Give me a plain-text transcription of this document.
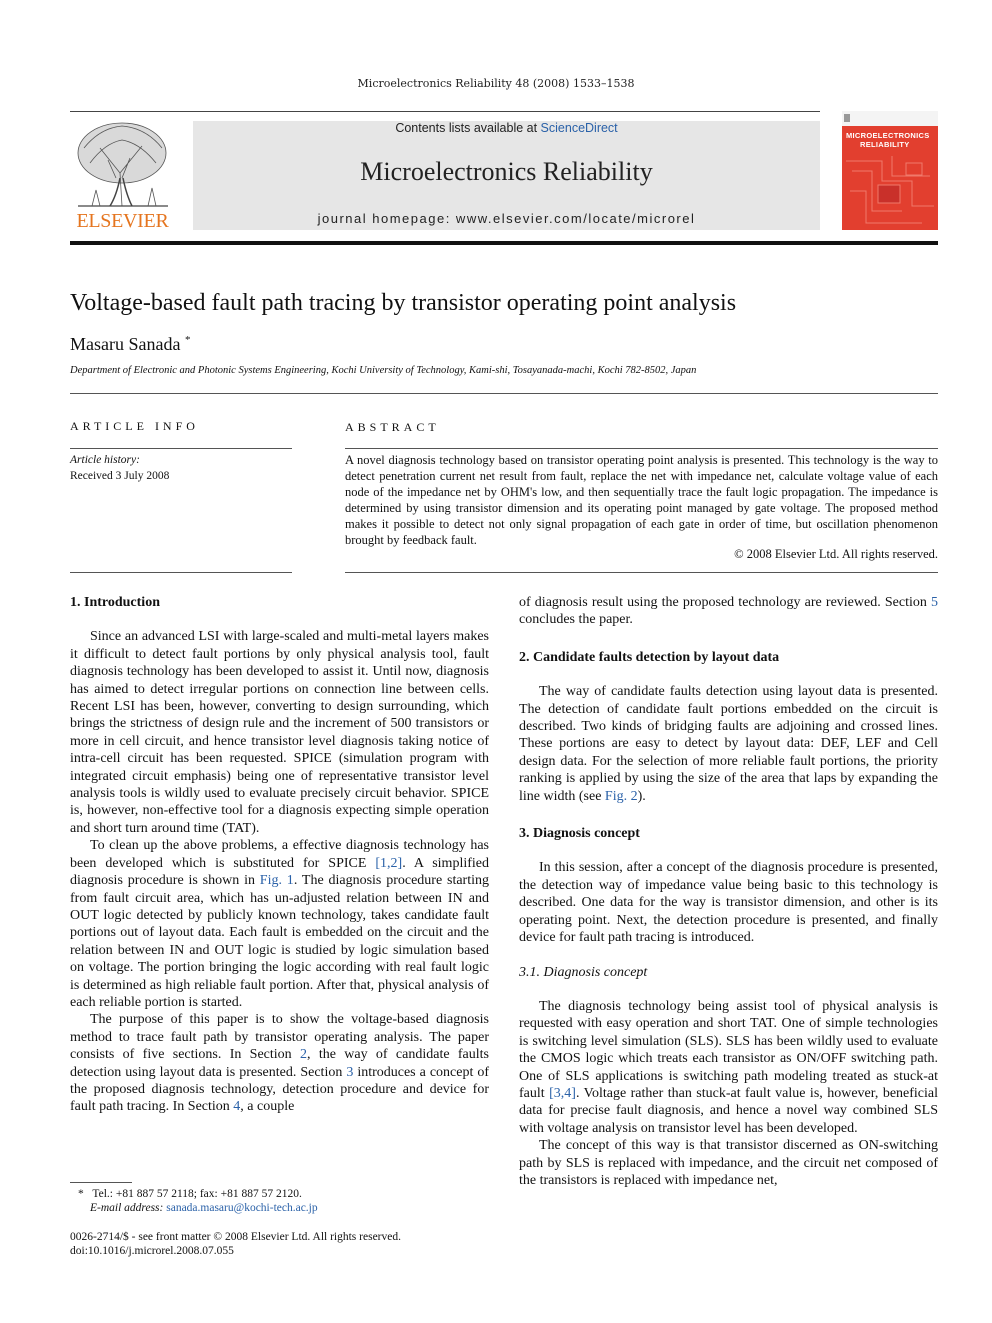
Microelectronics Reliability 48 (2008) 1533–1538
ELSEVIER
Contents lists available at ScienceDirect
Microelectronics Reliability
journal homepage: www.elsevier.com/locate/microrel
MICROELECTRONICS
RELIABILITY
Voltage-based fault path tracing by transistor operating point analysis
Masaru Sanada *
Department of Electronic and Photonic Systems Engineering, Kochi University of Technology, Kami-shi, Tosayanada-machi, Kochi 782-8502, Japan
ARTICLE INFO
Article history:
Received 3 July 2008
ABSTRACT
A novel diagnosis technology based on transistor operating point analysis is presented. This technology is the way to detect penetration current net result from fault, replace the net with impedance net, calculate voltage value of each node of the impedance net by OHM's low, and then sequentially trace the fault logic propagation. The impedance is determined by using transistor dimension and its operating point managed by gate voltage. The proposed method makes it possible to detect not only signal propagation of each gate in order of time, but oscillation phenomenon brought by feedback fault.
© 2008 Elsevier Ltd. All rights reserved.
1. Introduction

Since an advanced LSI with large-scaled and multi-metal layers makes it difficult to detect fault portions by only physical analysis tool, fault diagnosis technology has been developed to assist it. Until now, diagnosis has aimed to detect irregular portions on connection line between cells. Recent LSI has been, however, converting to design surrounding, which brings the strictness of design rule and the increment of 500 transistors or more in cell circuit, and hence transistor level diagnosis taking notice of intra-cell circuit has been requested. SPICE (simulation program with integrated circuit emphasis) being one of representative transistor level analysis tools is wildly used to evaluate precisely circuit behavior. SPICE is, however, non-effective tool for a diagnosis expecting simple operation and short turn around time (TAT).

To clean up the above problems, a effective diagnosis technology has been developed which is substituted for SPICE [1,2]. A simplified diagnosis procedure is shown in Fig. 1. The diagnosis procedure starting from fault circuit area, which has un-adjusted relation between IN and OUT logic detected by publicly known technology, takes candidate fault portions out of layout data. Each fault is embedded on the circuit and the relation between IN and OUT logic is studied by logic simulation based on voltage. The portion bringing the logic according with real fault logic is determined as high reliable fault portion. After that, physical analysis of each reliable portion is started.

The purpose of this paper is to show the voltage-based diagnosis method to trace fault path by transistor operating analysis. The paper consists of five sections. In Section 2, the way of candidate faults detection using layout data is presented. Section 3 introduces a concept of the proposed diagnosis technology, detection procedure and device for fault path tracing. In Section 4, a couple

* Tel.: +81 887 57 2118; fax: +81 887 57 2120.
E-mail address: sanada.masaru@kochi-tech.ac.jp
0026-2714/$ - see front matter © 2008 Elsevier Ltd. All rights reserved.
doi:10.1016/j.microrel.2008.07.055

of diagnosis result using the proposed technology are reviewed. Section 5 concludes the paper.

2. Candidate faults detection by layout data

The way of candidate faults detection using layout data is presented. The detection of candidate fault portions embedded on the circuit is described. Two kinds of bridging faults are adjoining and crossed lines. These portions are easy to detect by layout data: DEF, LEF and Cell design data. For the selection of more reliable fault portions, the priority ranking is applied by using the size of the area that laps by expanding the line width (see Fig. 2).

3. Diagnosis concept

In this session, after a concept of the diagnosis procedure is presented, the detection way of impedance value being basic to this technology is described. One data for the way is transistor dimension, and other is its operating point. Next, the detection procedure is presented, and finally device for fault path tracing is introduced.

3.1. Diagnosis concept

The diagnosis technology being assist tool of physical analysis is requested with easy operation and short TAT. One of simple technologies is switching level simulation (SLS). SLS has been wildly used to evaluate the CMOS logic which treats each transistor as ON/OFF switching path. One of SLS applications is switching path modeling treated as stuck-at fault [3,4]. Voltage rather than stuck-at fault value is, however, beneficial data for precise fault diagnosis, and hence a novel way combined SLS with voltage analysis on transistor level has been developed.

The concept of this way is that transistor discerned as ON-switching path by SLS is replaced with impedance, and the circuit net composed of the transistors is replaced with impedance net,
